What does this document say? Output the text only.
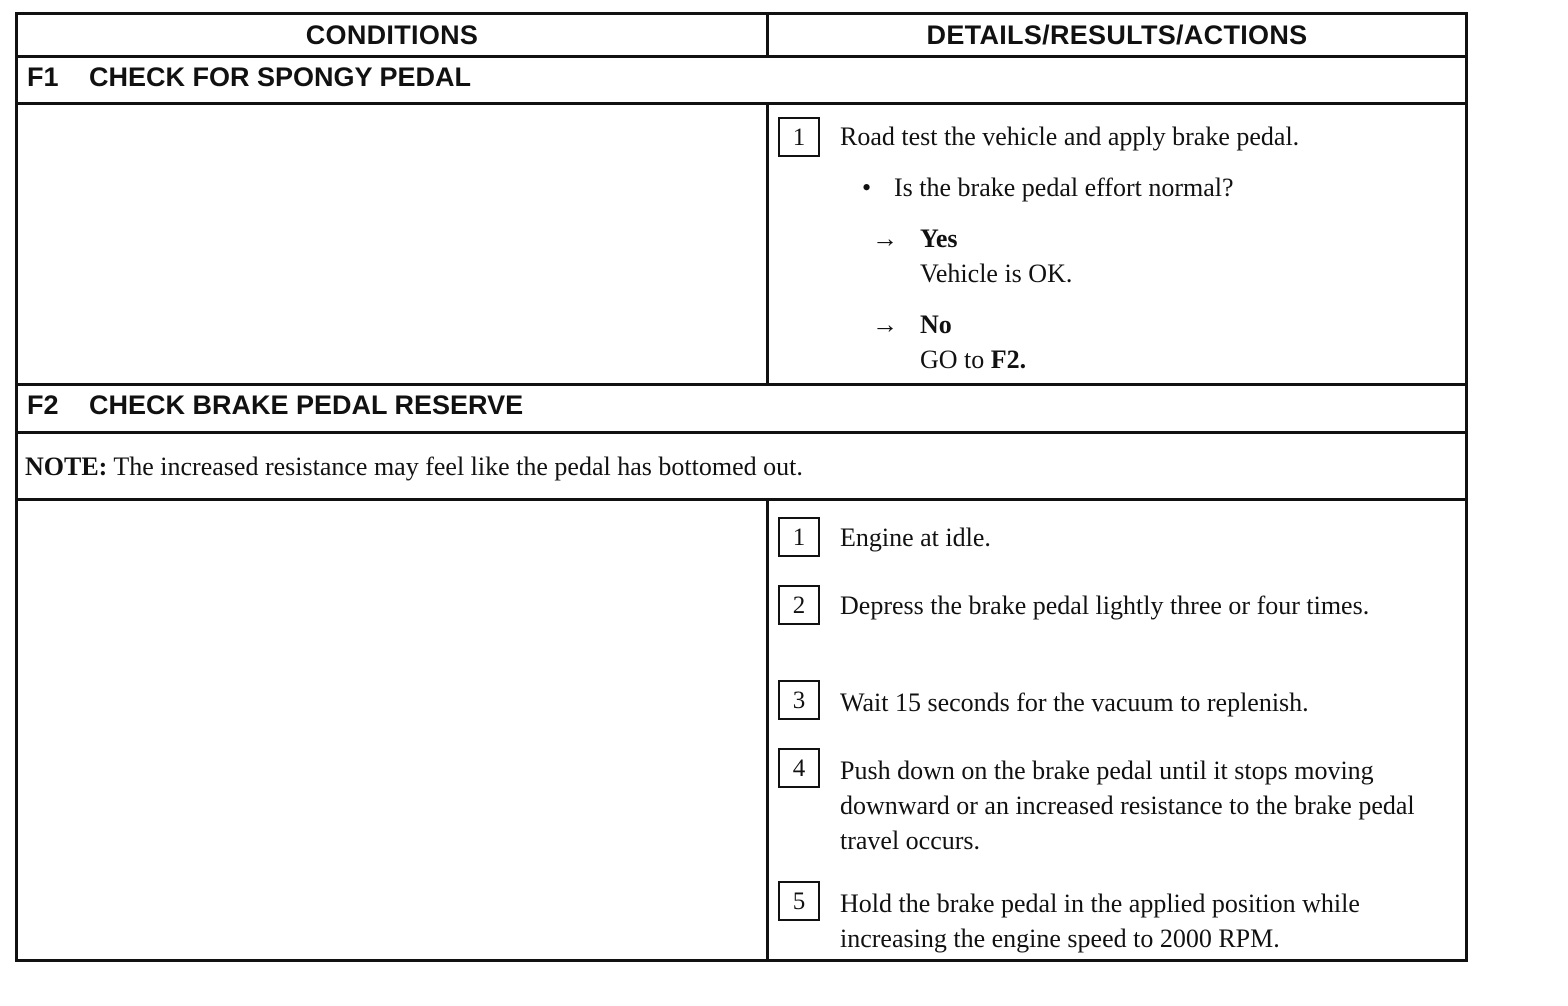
CONDITIONS	DETAILS/RESULTS/ACTIONS
F1 CHECK FOR SPONGY PEDAL
1	Road test the vehicle and apply brake pedal.
• Is the brake pedal effort normal?
→ Yes
Vehicle is OK.
→ No
GO to F2.
F2 CHECK BRAKE PEDAL RESERVE
NOTE: The increased resistance may feel like the pedal has bottomed out.
1	Engine at idle.
2	Depress the brake pedal lightly three or four times.
3	Wait 15 seconds for the vacuum to replenish.
4	Push down on the brake pedal until it stops moving downward or an increased resistance to the brake pedal travel occurs.
5	Hold the brake pedal in the applied position while increasing the engine speed to 2000 RPM.
